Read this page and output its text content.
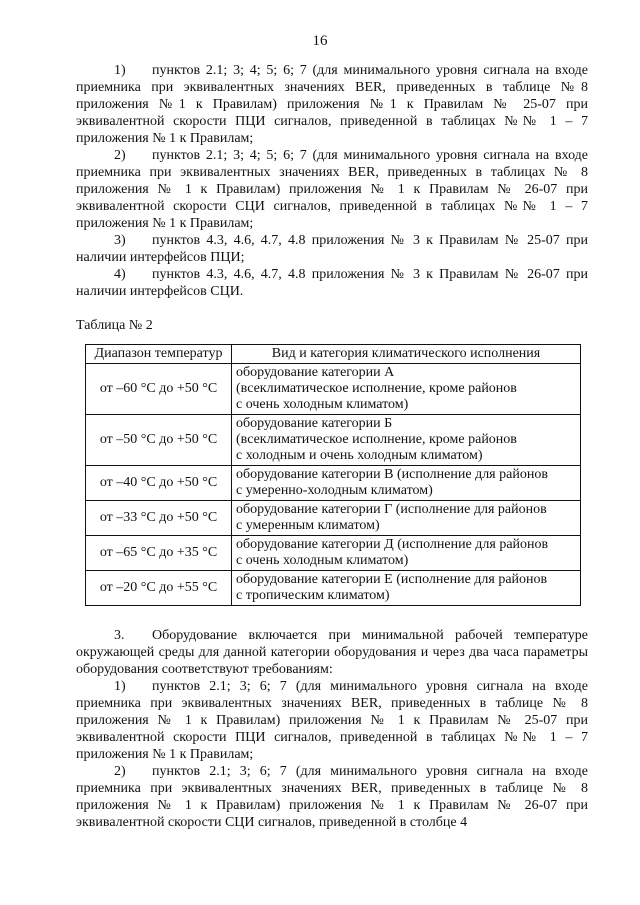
16

1) пунктов 2.1; 3; 4; 5; 6; 7 (для минимального уровня сигнала на входе приемника при эквивалентных значениях BER, приведенных в таблице №8 приложения №1 к Правилам) приложения №1 к Правилам № 25-07 при эквивалентной скорости ПЦИ сигналов, приведенной в таблицах №№ 1 – 7 приложения № 1 к Правилам;

2) пунктов 2.1; 3; 4; 5; 6; 7 (для минимального уровня сигнала на входе приемника при эквивалентных значениях BER, приведенных в таблицах № 8 приложения № 1 к Правилам) приложения № 1 к Правилам № 26-07 при эквивалентной скорости СЦИ сигналов, приведенной в таблицах №№ 1 – 7 приложения № 1 к Правилам;

3) пунктов 4.3, 4.6, 4.7, 4.8 приложения № 3 к Правилам № 25-07 при наличии интерфейсов ПЦИ;

4) пунктов 4.3, 4.6, 4.7, 4.8 приложения № 3 к Правилам № 26-07 при наличии интерфейсов СЦИ.

Таблица № 2
Диапазон температур	Вид и категория климатического исполнения
от –60 °С до +50 °С	оборудование категории А
(всеклиматическое исполнение, кроме районов
с очень холодным климатом)

от –50 °С до +50 °С	оборудование категории Б
(всеклиматическое исполнение, кроме районов
с холодным и очень холодным климатом)

от –40 °С до +50 °С	оборудование категории В (исполнение для районов
с умеренно-холодным климатом)

от –33 °С до +50 °С	оборудование категории Г (исполнение для районов
с умеренным климатом)

от –65 °С до +35 °С	оборудование категории Д (исполнение для районов
с очень холодным климатом)

от –20 °С до +55 °С	оборудование категории Е (исполнение для районов
с тропическим климатом)

3. Оборудование включается при минимальной рабочей температуре окружающей среды для данной категории оборудования и через два часа параметры оборудования соответствуют требованиям:

1) пунктов 2.1; 3; 6; 7 (для минимального уровня сигнала на входе приемника при эквивалентных значениях BER, приведенных в таблице № 8 приложения № 1 к Правилам) приложения № 1 к Правилам № 25-07 при эквивалентной скорости ПЦИ сигналов, приведенной в таблицах №№ 1 – 7 приложения № 1 к Правилам;

2) пунктов 2.1; 3; 6; 7 (для минимального уровня сигнала на входе приемника при эквивалентных значениях BER, приведенных в таблице № 8 приложения № 1 к Правилам) приложения № 1 к Правилам № 26-07 при эквивалентной скорости СЦИ сигналов, приведенной в столбце 4
